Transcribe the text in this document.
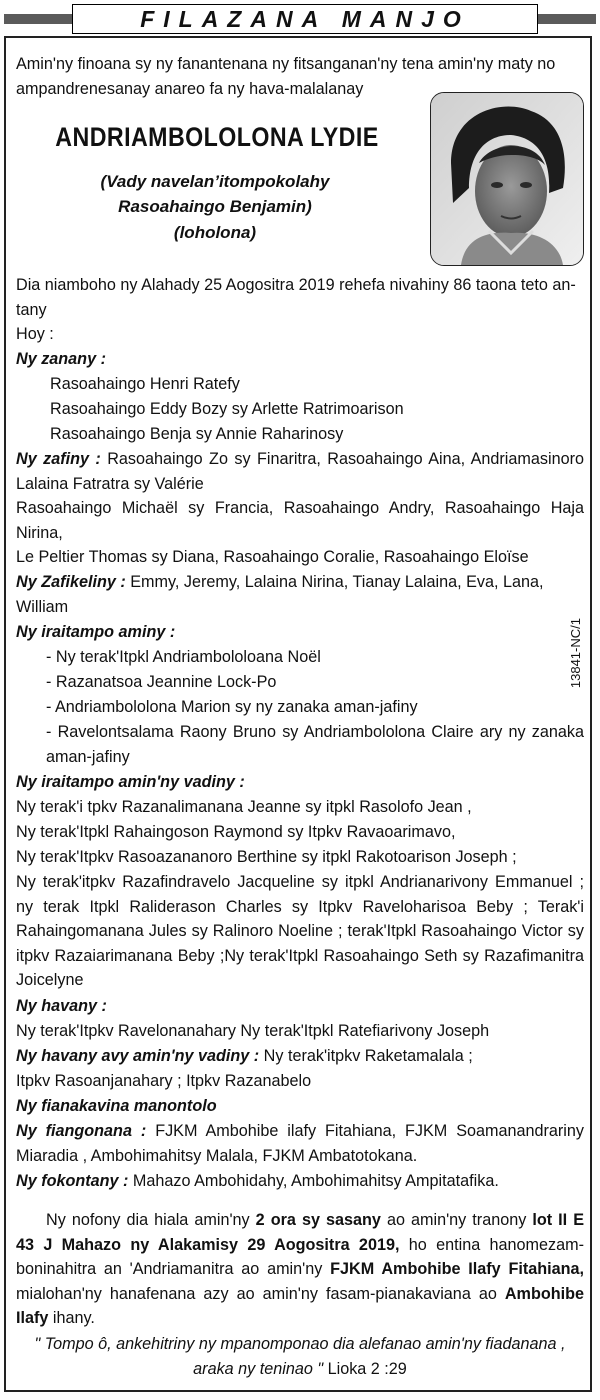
FILAZANA MANJO
Amin'ny finoana sy ny fanantenana ny fitsanganan'ny tena amin'ny maty no ampandrenesanay anareo fa ny hava-malalanay
ANDRIAMBOLOLONA LYDIE
(Vady navelan’itompokolahy
Rasoahaingo Benjamin)
(loholona)
Dia niamboho ny Alahady 25 Aogositra 2019 rehefa nivahiny 86 taona teto an-tany
Hoy :
Ny zanany :
Rasoahaingo Henri Ratefy
Rasoahaingo Eddy Bozy sy Arlette Ratrimoarison
Rasoahaingo Benja sy Annie Raharinosy
Ny zafiny : Rasoahaingo Zo sy Finaritra, Rasoahaingo Aina, Andriamasinoro Lalaina Fatratra sy Valérie
Rasoahaingo Michaël sy Francia, Rasoahaingo Andry, Rasoahaingo Haja Nirina,
Le Peltier Thomas sy Diana, Rasoahaingo Coralie, Rasoahaingo Eloïse
Ny Zafikeliny : Emmy, Jeremy, Lalaina Nirina, Tianay Lalaina, Eva, Lana, William
Ny iraitampo aminy :
- Ny terak'Itpkl Andriambololoana Noël
- Razanatsoa Jeannine Lock-Po
- Andriambololona Marion sy ny zanaka aman-jafiny
- Ravelontsalama Raony Bruno sy Andriambololona Claire ary ny zanaka aman-jafiny
13841-NC/1
Ny iraitampo amin'ny vadiny :
Ny terak'i tpkv Razanalimanana Jeanne sy itpkl Rasolofo Jean ,
Ny terak'Itpkl Rahaingoson Raymond sy Itpkv Ravaoarimavo,
Ny terak'Itpkv Rasoazananoro Berthine sy itpkl Rakotoarison Joseph ;
Ny terak'itpkv Razafindravelo Jacqueline sy itpkl Andrianarivony Emmanuel ; ny terak Itpkl Raliderason Charles sy Itpkv Raveloharisoa Beby ; Terak'i Rahaingomanana Jules sy Ralinoro Noeline ; terak'Itpkl Rasoahaingo Victor sy itpkv Razaiarimanana Beby ;Ny terak'Itpkl Rasoahaingo Seth sy Razafimanitra Joicelyne
Ny havany :
Ny terak'Itpkv Ravelonanahary Ny terak'Itpkl Ratefiarivony Joseph
Ny havany avy amin'ny vadiny : Ny terak'itpkv Raketamalala ;
Itpkv Rasoanjanahary ; Itpkv Razanabelo
Ny fianakavina manontolo
Ny fiangonana : FJKM Ambohibe ilafy Fitahiana, FJKM Soamanandrariny Miaradia , Ambohimahitsy Malala, FJKM Ambatotokana.
Ny fokontany : Mahazo Ambohidahy, Ambohimahitsy Ampitatafika.
Ny nofony dia hiala amin'ny 2 ora sy sasany ao amin'ny tranony lot II E 43 J Mahazo ny Alakamisy 29 Aogositra 2019, ho entina hanomezam-boninahitra an 'Andriamanitra ao amin'ny FJKM Ambohibe Ilafy Fitahiana, mialohan'ny hanafenana azy ao amin'ny fasam-pianakaviana ao Ambohibe Ilafy ihany.
" Tompo ô, ankehitriny ny mpanomponao dia alefanao amin'ny fiadanana , araka ny teninao " Lioka 2 :29
